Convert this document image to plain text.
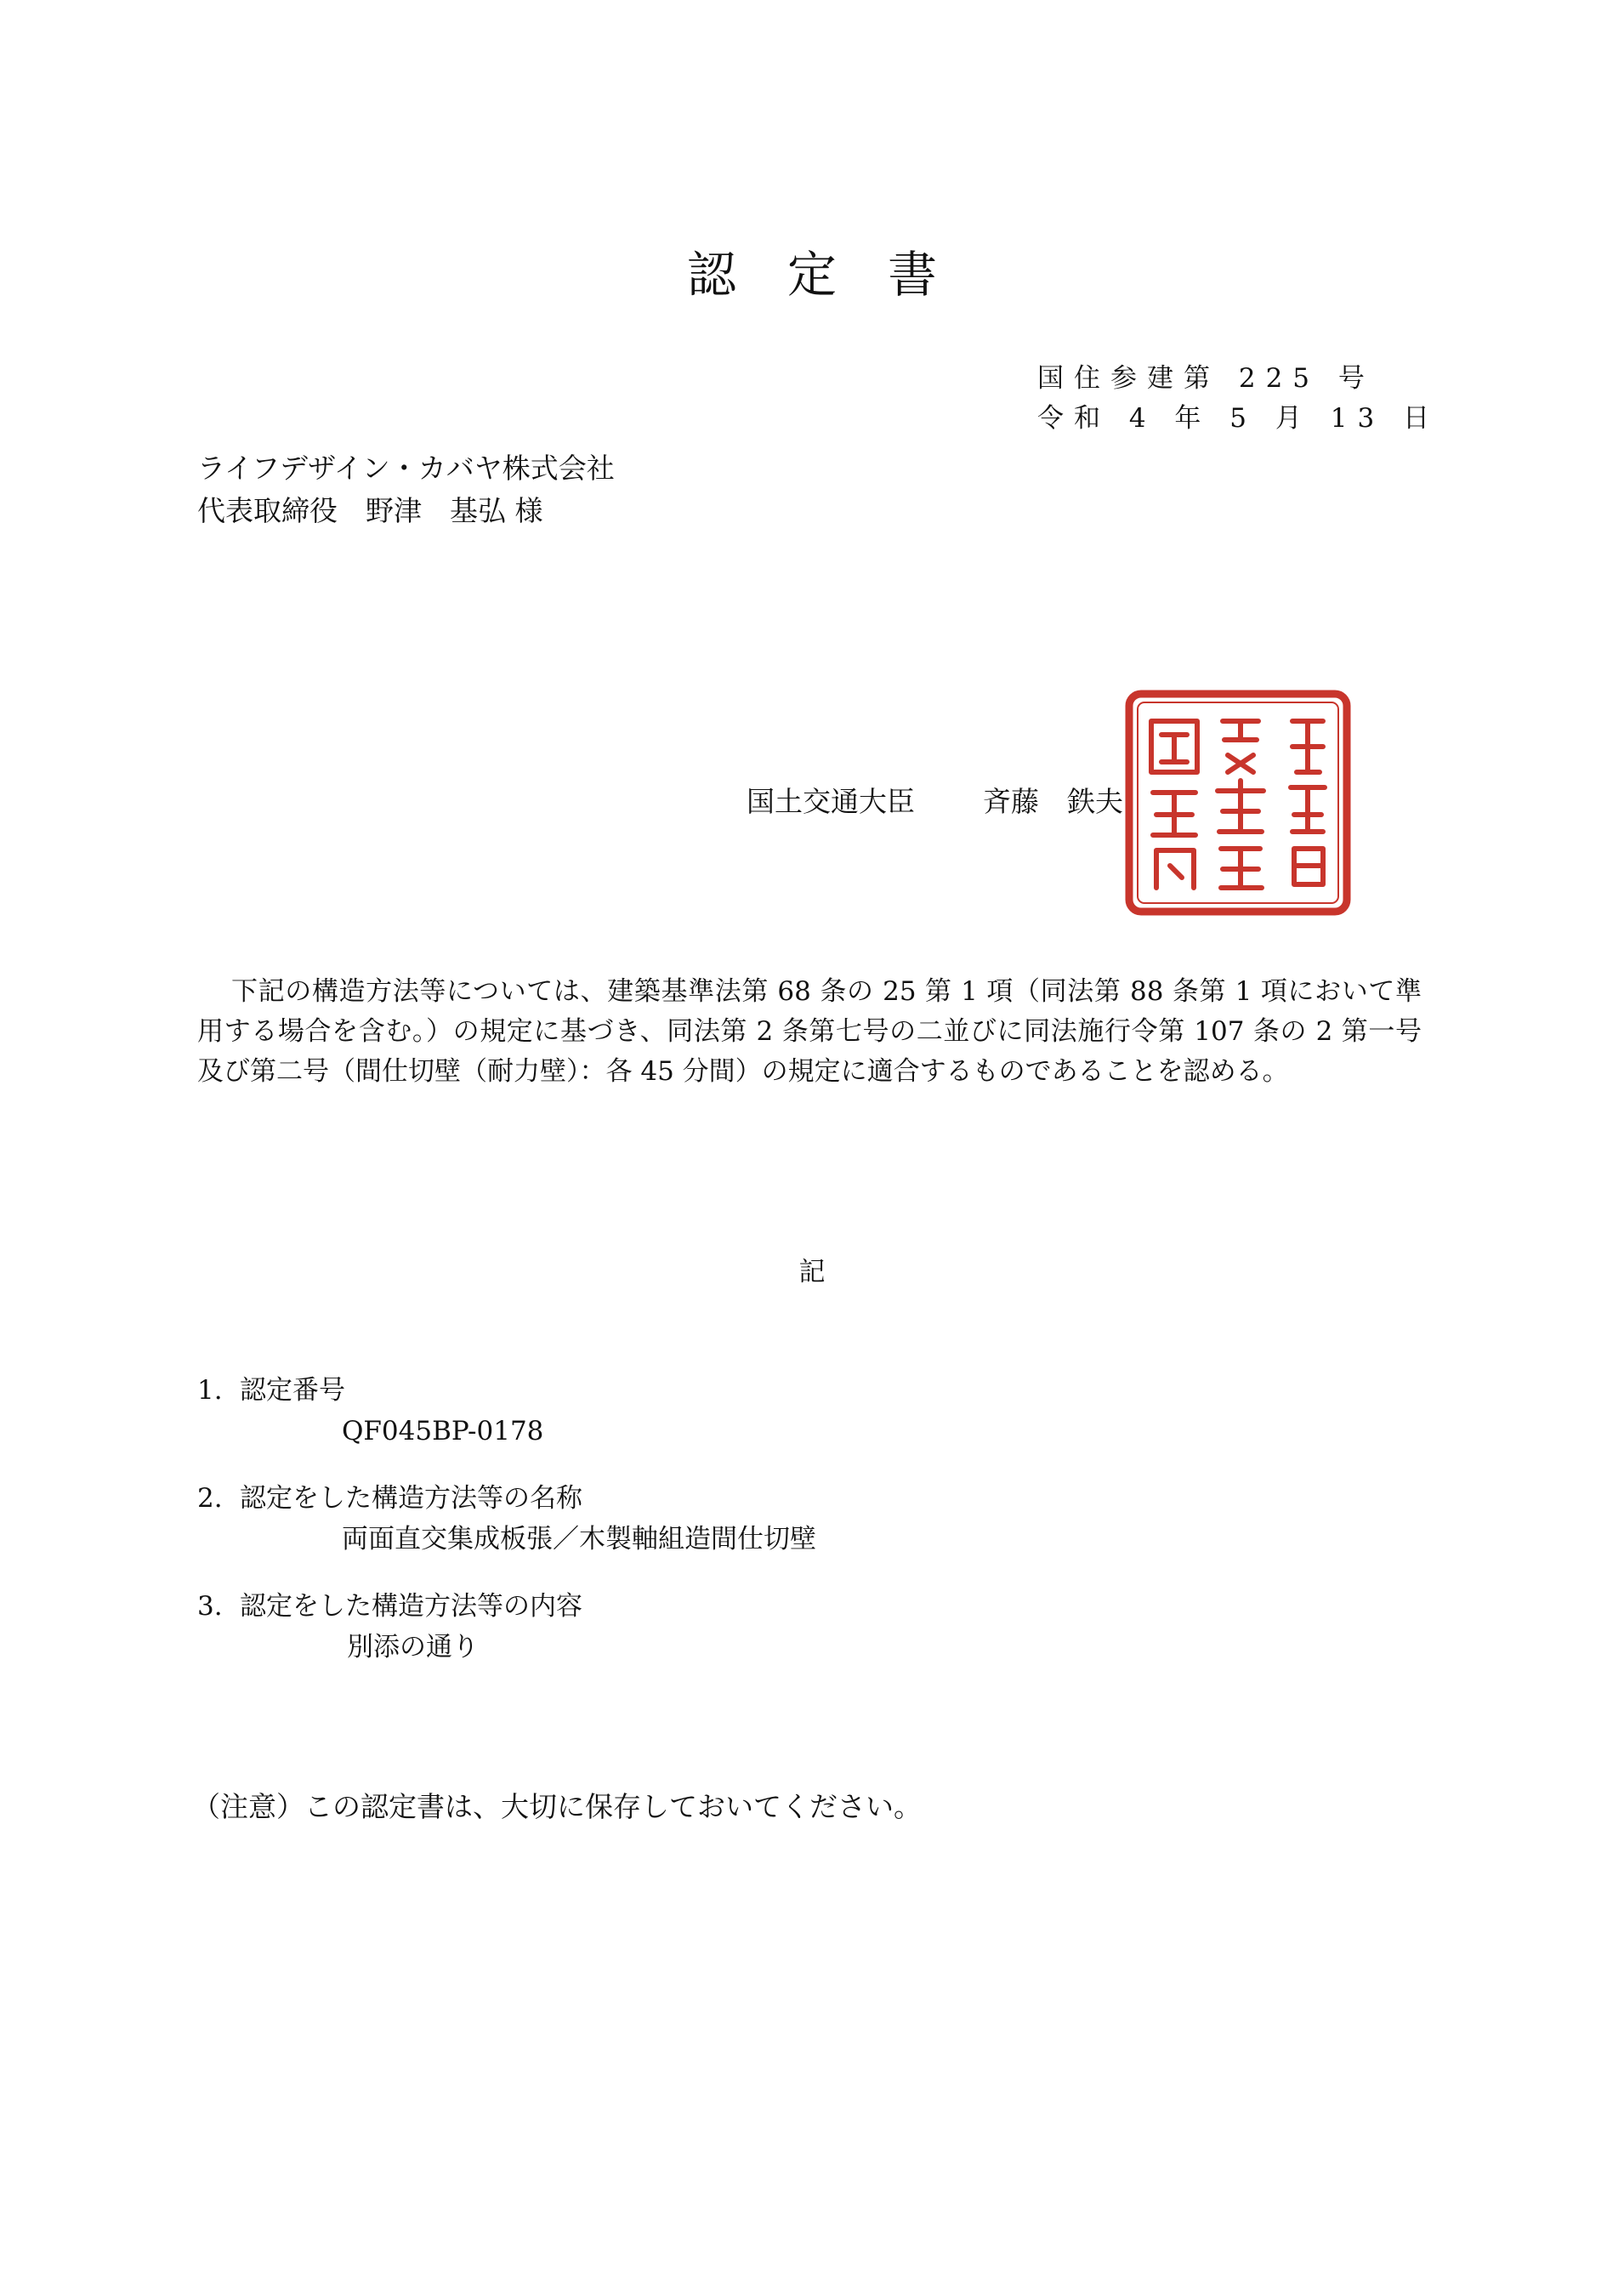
認定書
国住参建第 225 号
令和 4 年 5 月 13 日
ライフデザイン・カバヤ株式会社
代表取締役　野津　基弘 様
国土交通大臣 斉藤　鉄夫
下記の構造方法等については、建築基準法第 68 条の 25 第 1 項（同法第 88 条第 1 項において準用する場合を含む。）の規定に基づき、同法第 2 条第七号の二並びに同法施行令第 107 条の 2 第一号及び第二号（間仕切壁（耐力壁）：各 45 分間）の規定に適合するものであることを認める。
記
1. 認定番号
QF045BP-0178
2. 認定をした構造方法等の名称
両面直交集成板張／木製軸組造間仕切壁
3. 認定をした構造方法等の内容
別添の通り
（注意）この認定書は、大切に保存しておいてください。
